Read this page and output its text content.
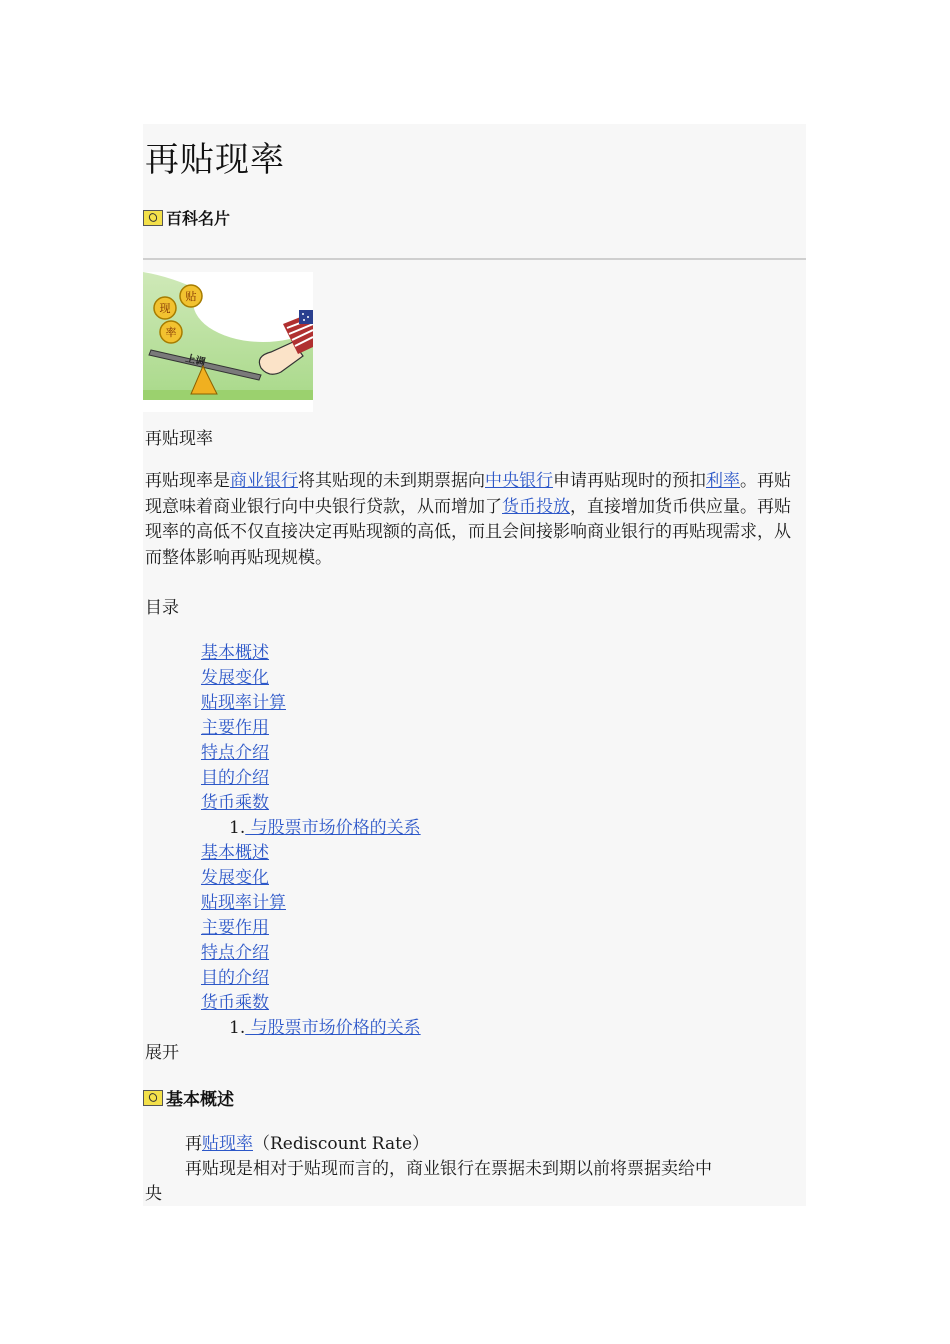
再贴现率
百科名片
贴
现
率
上调
再贴现率

再贴现率是商业银行将其贴现的未到期票据向中央银行申请再贴现时的预扣利率。再贴现意味着商业银行向中央银行贷款，从而增加了货币投放，直接增加货币供应量。再贴现率的高低不仅直接决定再贴现额的高低，而且会间接影响商业银行的再贴现需求，从而整体影响再贴现规模。

目录
基本概述
发展变化
贴现率计算
主要作用
特点介绍
目的介绍
货币乘数
1. 与股票市场价格的关系
基本概述
发展变化
贴现率计算
主要作用
特点介绍
目的介绍
货币乘数
1. 与股票市场价格的关系
展开
基本概述
再贴现率（Rediscount Rate）
再贴现是相对于贴现而言的，商业银行在票据未到期以前将票据卖给中
央
